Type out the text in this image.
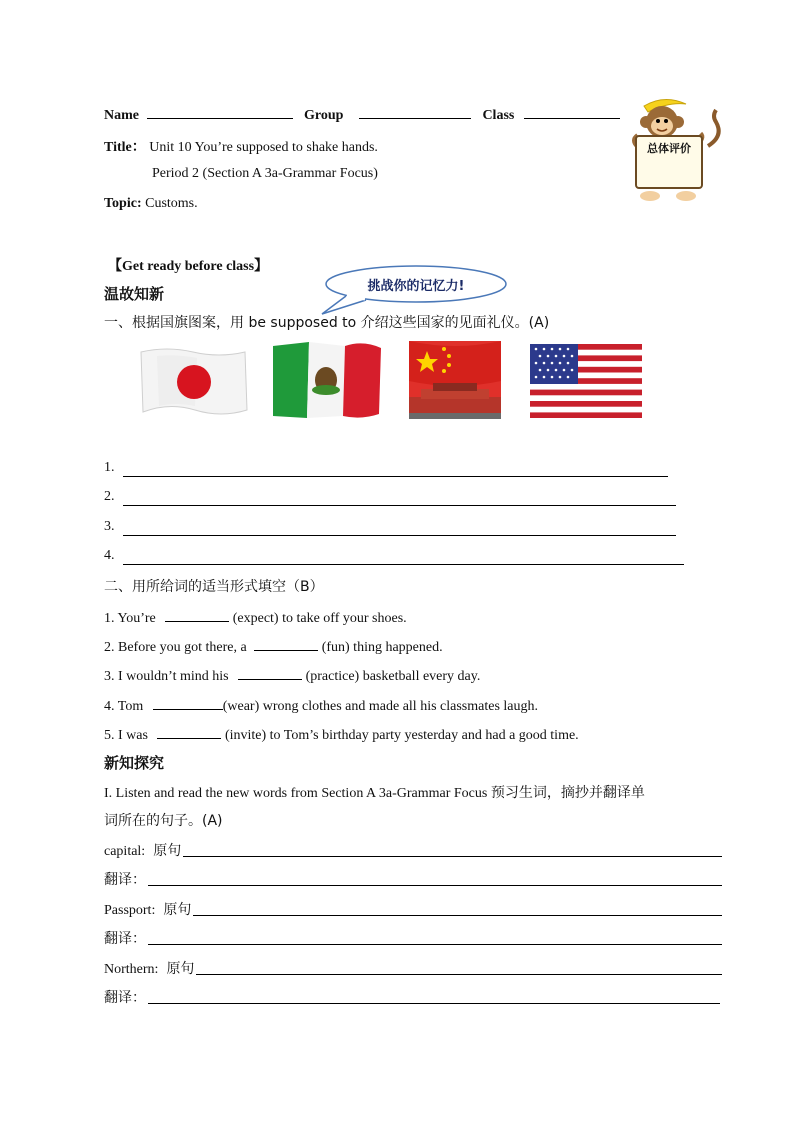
Name	Group	Class
Title： Unit 10 You’re supposed to shake hands.
Period 2 (Section A 3a-Grammar Focus)
Topic: Customs.
总体评价
【Get ready before class】
挑战你的记忆力!
温故知新
一、根据国旗图案，用 be supposed to 介绍这些国家的见面礼仪。(A)
1.
2.
3.
4.
二、用所给词的适当形式填空（B）
1. You’re	(expect) to take off your shoes.
2. Before you got there, a	(fun) thing happened.
3. I wouldn’t mind his	(practice) basketball every day.
4. Tom	(wear) wrong clothes and made all his classmates laugh.
5. I was	(invite) to Tom’s birthday party yesterday and had a good time.
新知探究
I. Listen and read the new words from Section A 3a-Grammar Focus 预习生词，摘抄并翻译单
词所在的句子。(A)
capital: 原句
翻译：
Passport: 原句
翻译：
Northern: 原句
翻译：
